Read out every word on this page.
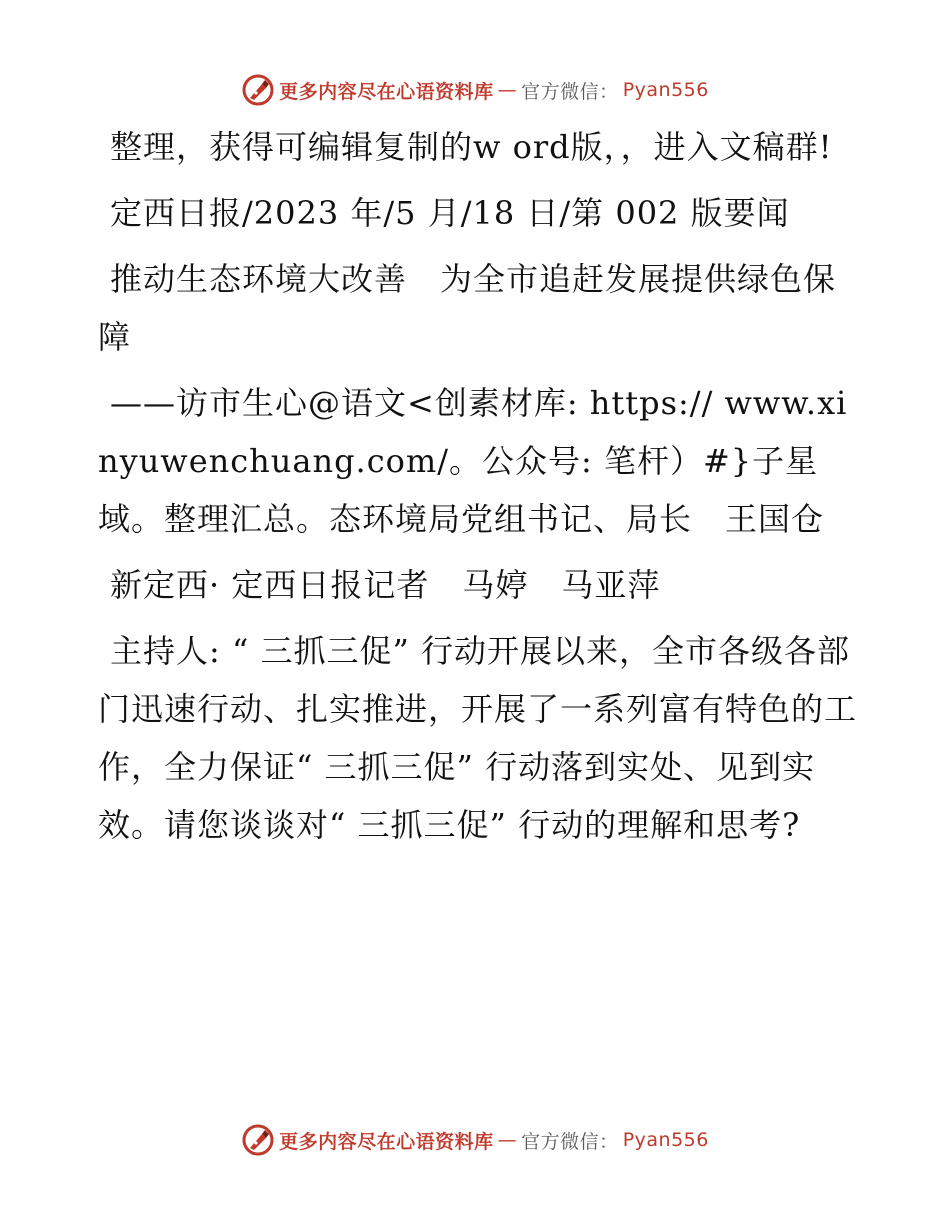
更多内容尽在心语资料库 — 官方微信： Pyan556

整理，获得可编辑复制的w ord版，，进入文稿群!

定西日报/2023 年/5 月/18 日/第 002 版要闻

推动生态环境大改善　为全市追赶发展提供绿色保障

——访市生心@语文<创素材库: https:// www.xinyuwenchuang.com/。公众号: 笔杆）#}子星域。整理汇总。态环境局党组书记、局长　王国仓

新定西· 定西日报记者　马婷　马亚萍

主持人: “ 三抓三促” 行动开展以来，全市各级各部门迅速行动、扎实推进，开展了一系列富有特色的工作，全力保证“ 三抓三促” 行动落到实处、见到实效。请您谈谈对“ 三抓三促” 行动的理解和思考?

更多内容尽在心语资料库 — 官方微信： Pyan556
